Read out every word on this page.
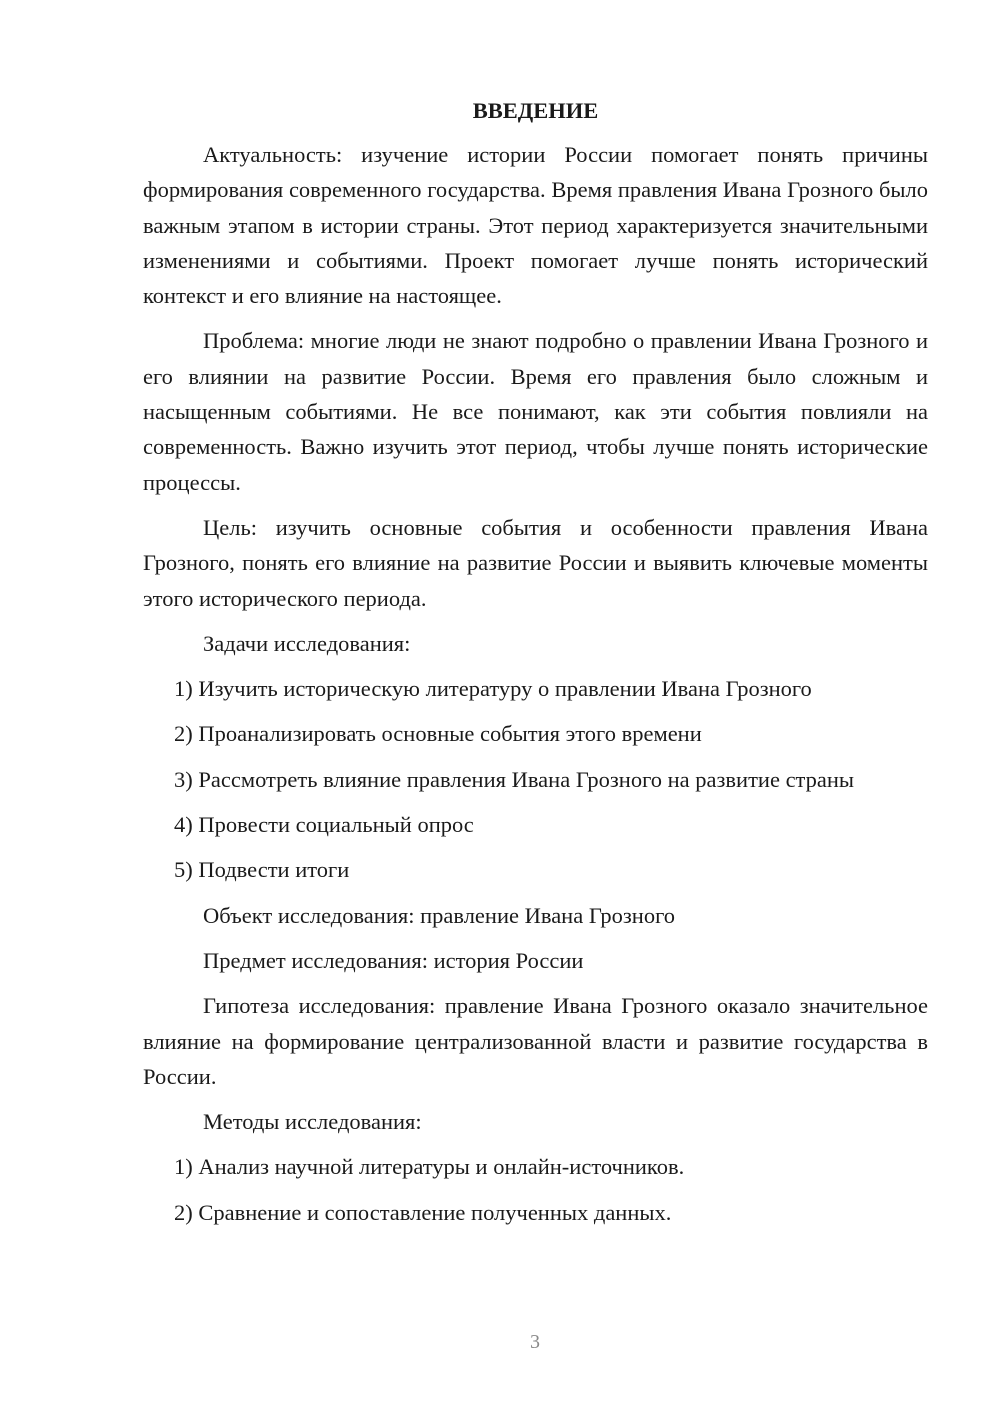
ВВЕДЕНИЕ

Актуальность: изучение истории России помогает понять причины формирования современного государства. Время правления Ивана Грозного было важным этапом в истории страны. Этот период характеризуется значительными изменениями и событиями. Проект помогает лучше понять исторический контекст и его влияние на настоящее.

Проблема: многие люди не знают подробно о правлении Ивана Грозного и его влиянии на развитие России. Время его правления было сложным и насыщенным событиями. Не все понимают, как эти события повлияли на современность. Важно изучить этот период, чтобы лучше понять исторические процессы.

Цель: изучить основные события и особенности правления Ивана Грозного, понять его влияние на развитие России и выявить ключевые моменты этого исторического периода.

Задачи исследования:

1) Изучить историческую литературу о правлении Ивана Грозного

2) Проанализировать основные события этого времени

3) Рассмотреть влияние правления Ивана Грозного на развитие страны

4) Провести социальный опрос

5) Подвести итоги

Объект исследования: правление Ивана Грозного

Предмет исследования: история России

Гипотеза исследования: правление Ивана Грозного оказало значительное влияние на формирование централизованной власти и развитие государства в России.

Методы исследования:

1) Анализ научной литературы и онлайн-источников.

2) Сравнение и сопоставление полученных данных.

3
